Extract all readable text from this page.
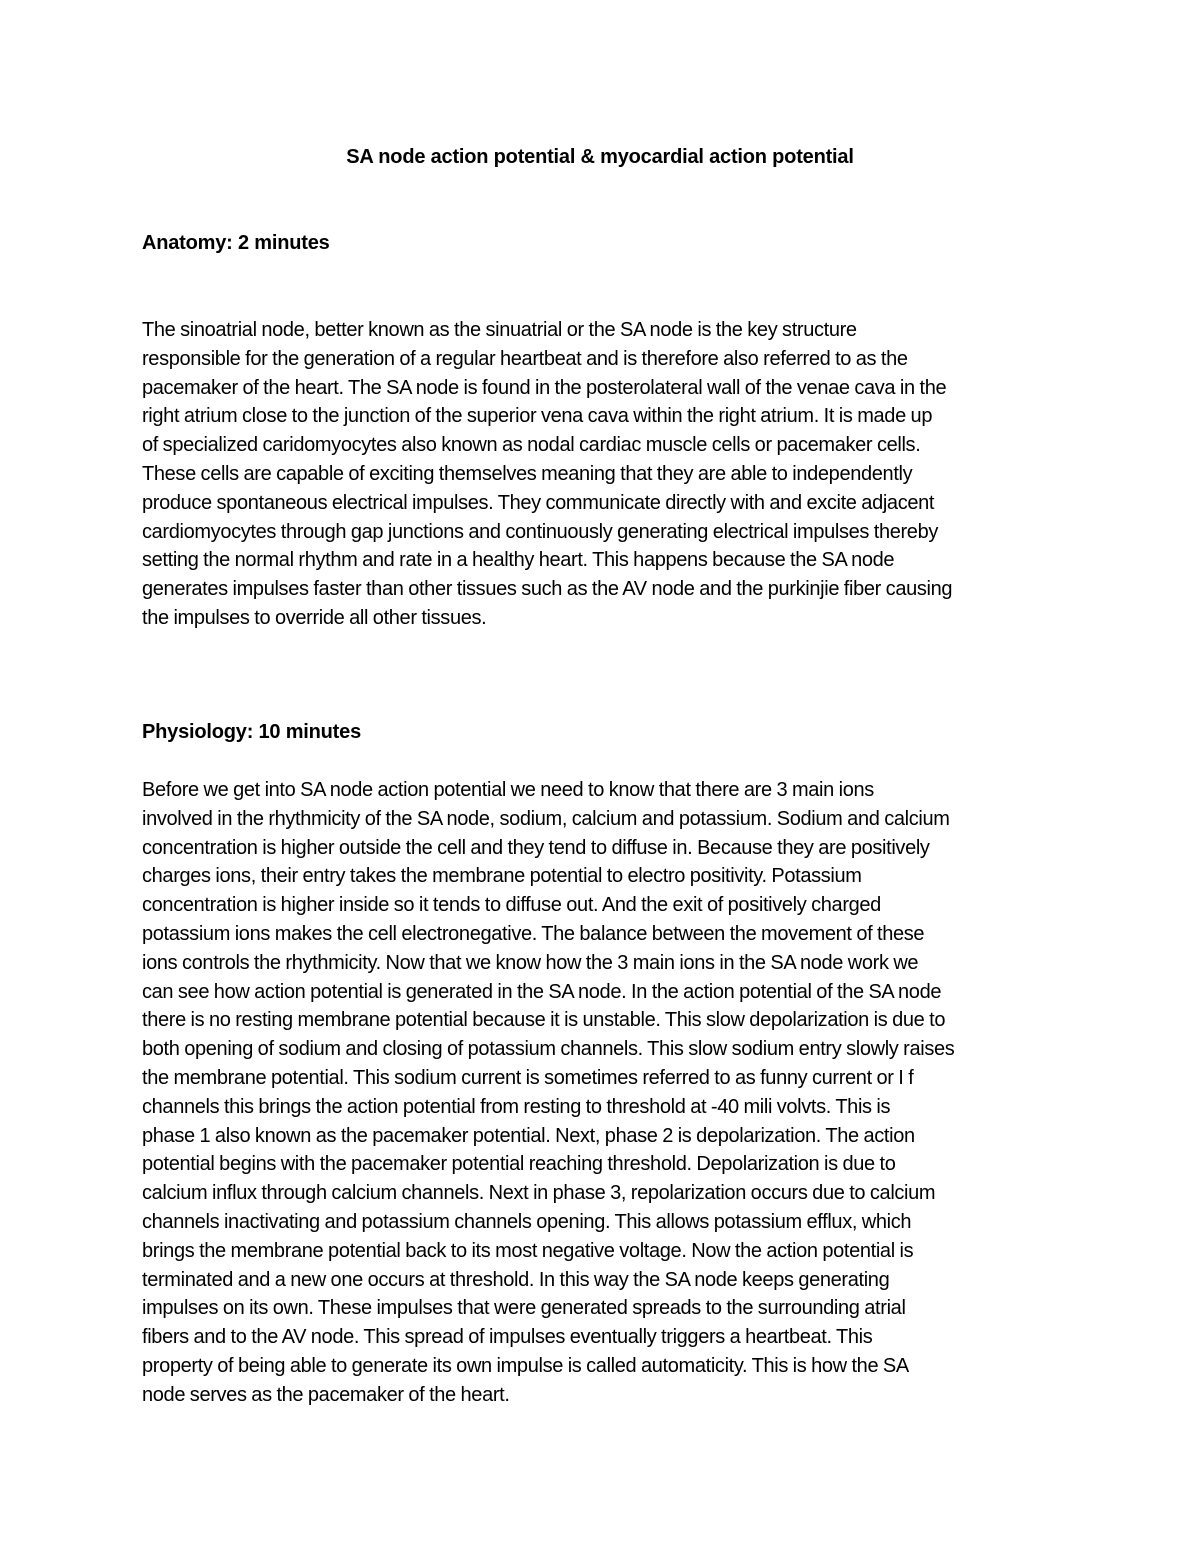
SA node action potential & myocardial action potential
Anatomy: 2 minutes
The sinoatrial node, better known as the sinuatrial or the SA node is the key structure
responsible for the generation of a regular heartbeat and is therefore also referred to as the
pacemaker of the heart. The SA node is found in the posterolateral wall of the venae cava in the
right atrium close to the junction of the superior vena cava within the right atrium. It is made up
of specialized caridomyocytes also known as nodal cardiac muscle cells or pacemaker cells.
These cells are capable of exciting themselves meaning that they are able to independently
produce spontaneous electrical impulses. They communicate directly with and excite adjacent
cardiomyocytes through gap junctions and continuously generating electrical impulses thereby
setting the normal rhythm and rate in a healthy heart. This happens because the SA node
generates impulses faster than other tissues such as the AV node and the purkinjie fiber causing
the impulses to override all other tissues.
Physiology: 10 minutes
Before we get into SA node action potential we need to know that there are 3 main ions
involved in the rhythmicity of the SA node, sodium, calcium and potassium. Sodium and calcium
concentration is higher outside the cell and they tend to diffuse in. Because they are positively
charges ions, their entry takes the membrane potential to electro positivity. Potassium
concentration is higher inside so it tends to diffuse out. And the exit of positively charged
potassium ions makes the cell electronegative. The balance between the movement of these
ions controls the rhythmicity. Now that we know how the 3 main ions in the SA node work we
can see how action potential is generated in the SA node. In the action potential of the SA node
there is no resting membrane potential because it is unstable. This slow depolarization is due to
both opening of sodium and closing of potassium channels. This slow sodium entry slowly raises
the membrane potential. This sodium current is sometimes referred to as funny current or I f
channels this brings the action potential from resting to threshold at -40 mili volvts. This is
phase 1 also known as the pacemaker potential. Next, phase 2 is depolarization. The action
potential begins with the pacemaker potential reaching threshold. Depolarization is due to
calcium influx through calcium channels. Next in phase 3, repolarization occurs due to calcium
channels inactivating and potassium channels opening. This allows potassium efflux, which
brings the membrane potential back to its most negative voltage. Now the action potential is
terminated and a new one occurs at threshold. In this way the SA node keeps generating
impulses on its own. These impulses that were generated spreads to the surrounding atrial
fibers and to the AV node. This spread of impulses eventually triggers a heartbeat. This
property of being able to generate its own impulse is called automaticity. This is how the SA
node serves as the pacemaker of the heart.
